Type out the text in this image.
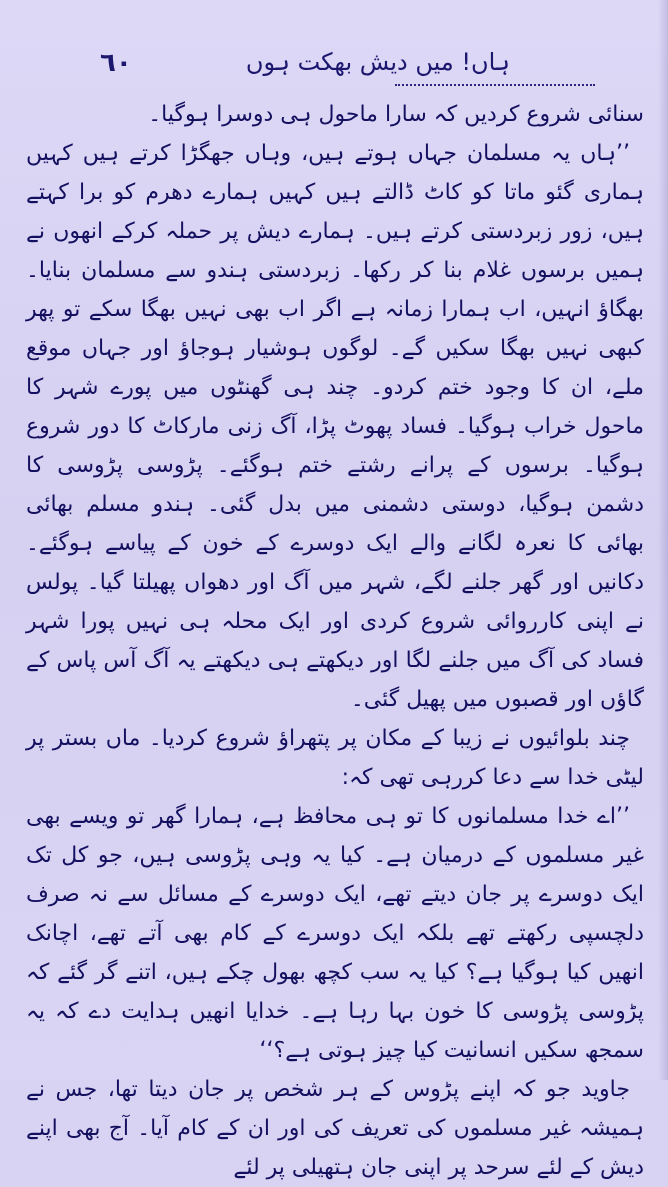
٦٠	ہاں! میں دیش بھکت ہوں

سنائی شروع کردیں کہ سارا ماحول ہی دوسرا ہوگیا۔

’’ہاں یہ مسلمان جہاں ہوتے ہیں، وہاں جھگڑا کرتے ہیں کہیں ہماری گئو ماتا کو کاٹ ڈالتے ہیں کہیں ہمارے دھرم کو برا کہتے ہیں، زور زبردستی کرتے ہیں۔ ہمارے دیش پر حملہ کرکے انھوں نے ہمیں برسوں غلام بنا کر رکھا۔ زبردستی ہندو سے مسلمان بنایا۔ بھگاؤ انہیں، اب ہمارا زمانہ ہے اگر اب بھی نہیں بھگا سکے تو پھر کبھی نہیں بھگا سکیں گے۔ لوگوں ہوشیار ہوجاؤ اور جہاں موقع ملے، ان کا وجود ختم کردو۔ چند ہی گھنٹوں میں پورے شہر کا ماحول خراب ہوگیا۔ فساد پھوٹ پڑا، آگ زنی مارکاٹ کا دور شروع ہوگیا۔ برسوں کے پرانے رشتے ختم ہوگئے۔ پڑوسی پڑوسی کا دشمن ہوگیا، دوستی دشمنی میں بدل گئی۔ ہندو مسلم بھائی بھائی کا نعرہ لگانے والے ایک دوسرے کے خون کے پیاسے ہوگئے۔ دکانیں اور گھر جلنے لگے، شہر میں آگ اور دھواں پھیلتا گیا۔ پولس نے اپنی کارروائی شروع کردی اور ایک محلہ ہی نہیں پورا شہر فساد کی آگ میں جلنے لگا اور دیکھتے ہی دیکھتے یہ آگ آس پاس کے گاؤں اور قصبوں میں پھیل گئی۔

چند بلوائیوں نے زیبا کے مکان پر پتھراؤ شروع کردیا۔ ماں بستر پر لیٹی خدا سے دعا کررہی تھی کہ:

’’اے خدا مسلمانوں کا تو ہی محافظ ہے، ہمارا گھر تو ویسے بھی غیر مسلموں کے درمیان ہے۔ کیا یہ وہی پڑوسی ہیں، جو کل تک ایک دوسرے پر جان دیتے تھے، ایک دوسرے کے مسائل سے نہ صرف دلچسپی رکھتے تھے بلکہ ایک دوسرے کے کام بھی آتے تھے، اچانک انھیں کیا ہوگیا ہے؟ کیا یہ سب کچھ بھول چکے ہیں، اتنے گر گئے کہ پڑوسی پڑوسی کا خون بہا رہا ہے۔ خدایا انھیں ہدایت دے کہ یہ سمجھ سکیں انسانیت کیا چیز ہوتی ہے؟‘‘

جاوید جو کہ اپنے پڑوس کے ہر شخص پر جان دیتا تھا، جس نے ہمیشہ غیر مسلموں کی تعریف کی اور ان کے کام آیا۔ آج بھی اپنے دیش کے لئے سرحد پر اپنی جان ہتھیلی پر لئے
